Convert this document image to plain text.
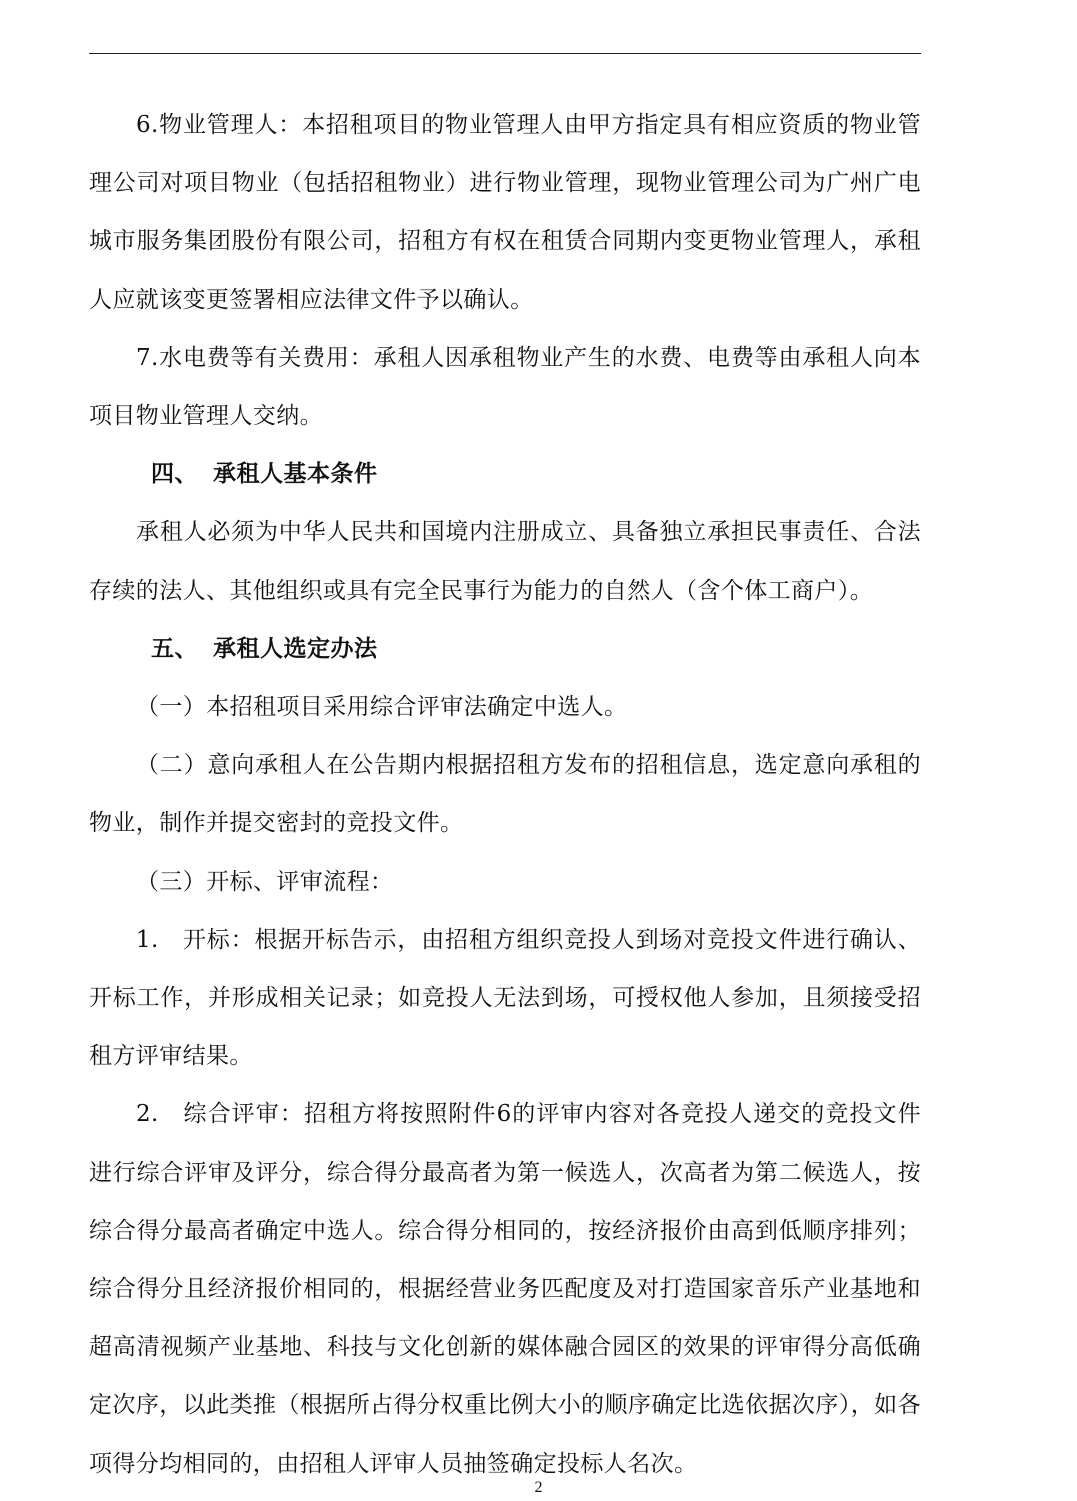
6.物业管理人：本招租项目的物业管理人由甲方指定具有相应资质的物业管理公司对项目物业（包括招租物业）进行物业管理，现物业管理公司为广州广电城市服务集团股份有限公司，招租方有权在租赁合同期内变更物业管理人，承租人应就该变更签署相应法律文件予以确认。

7.水电费等有关费用：承租人因承租物业产生的水费、电费等由承租人向本项目物业管理人交纳。

四、 承租人基本条件

承租人必须为中华人民共和国境内注册成立、具备独立承担民事责任、合法存续的法人、其他组织或具有完全民事行为能力的自然人（含个体工商户）。

五、 承租人选定办法

（一）本招租项目采用综合评审法确定中选人。

（二）意向承租人在公告期内根据招租方发布的招租信息，选定意向承租的物业，制作并提交密封的竞投文件。

（三）开标、评审流程：

1.　开标：根据开标告示，由招租方组织竞投人到场对竞投文件进行确认、开标工作，并形成相关记录；如竞投人无法到场，可授权他人参加，且须接受招租方评审结果。

2.　综合评审：招租方将按照附件6的评审内容对各竞投人递交的竞投文件进行综合评审及评分，综合得分最高者为第一候选人，次高者为第二候选人，按综合得分最高者确定中选人。综合得分相同的，按经济报价由高到低顺序排列；综合得分且经济报价相同的，根据经营业务匹配度及对打造国家音乐产业基地和超高清视频产业基地、科技与文化创新的媒体融合园区的效果的评审得分高低确定次序，以此类推（根据所占得分权重比例大小的顺序确定比选依据次序），如各项得分均相同的，由招租人评审人员抽签确定投标人名次。

2
